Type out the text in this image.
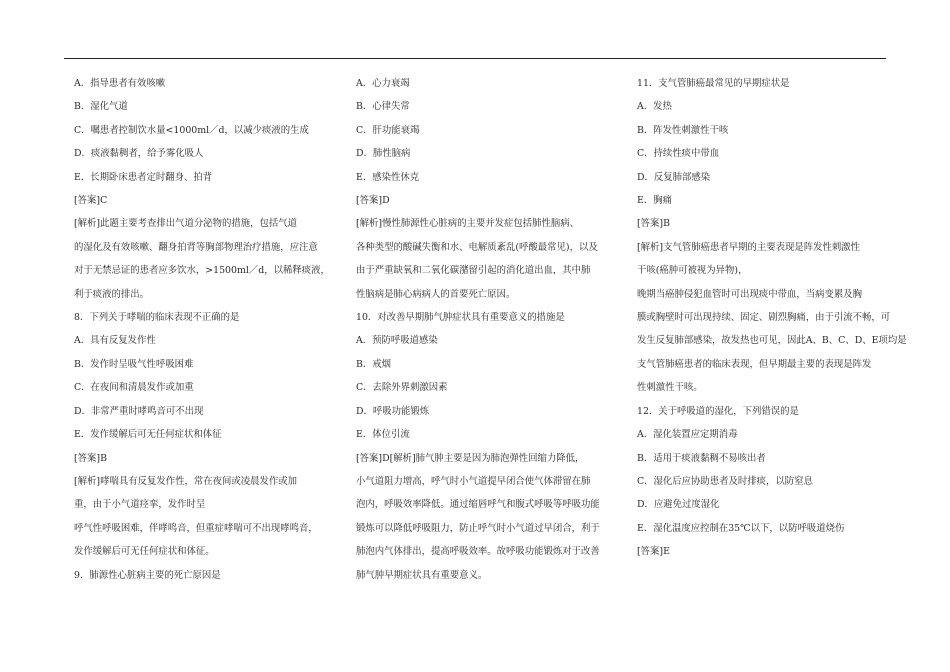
A．指导患者有效咳嗽
B．湿化气道
C．嘱患者控制饮水量<1000ml／d，以减少痰液的生成
D．痰液黏稠者，给予雾化吸人
E．长期卧床患者定时翻身、拍背
[答案]C
[解析]此题主要考查排出气道分泌物的措施，包括气道
的湿化及有效咳嗽、翻身拍背等胸部物理治疗措施，应注意
对于无禁忌证的患者应多饮水，>1500ml／d，以稀释痰液，
利于痰液的排出。
8．下列关于哮喘的临床表现不正确的是
A．具有反复发作性
B．发作时呈吸气性呼吸困难
C．在夜间和清晨发作或加重
D．非常严重时哮鸣音可不出现
E．发作缓解后可无任何症状和体征
[答案]B
[解析]哮喘具有反复发作性，常在夜间或凌晨发作或加
重，由于小气道痉挛，发作时呈
呼气性呼吸困难，伴哮鸣音，但重症哮喘可不出现哮鸣音，
发作缓解后可无任何症状和体征。
9．肺源性心脏病主要的死亡原因是
A．心力衰竭
B．心律失常
C．肝功能衰竭
D．肺性脑病
E．感染性休克
[答案]D
[解析]慢性肺源性心脏病的主要并发症包括肺性脑病、
各种类型的酸碱失衡和水、电解质紊乱(呼酸最常见)，以及
由于严重缺氧和二氧化碳潴留引起的消化道出血，其中肺
性脑病是肺心病病人的首要死亡原因。
10．对改善早期肺气肿症状具有重要意义的措施是
A．预防呼吸道感染
B．戒烟
C．去除外界刺激因素
D．呼吸功能锻炼
E．体位引流
[答案]D[解析]肺气肿主要是因为肺泡弹性回缩力降低，
小气道阻力增高，呼气时小气道提早闭合使气体滞留在肺
泡内，呼吸效率降低。通过缩唇呼气和腹式呼吸等呼吸功能
锻炼可以降低呼吸阻力，防止呼气时小气道过早闭合，利于
肺泡内气体排出，提高呼吸效率。故呼吸功能锻炼对于改善
肺气肿早期症状具有重要意义。
11．支气管肺癌最常见的早期症状是
A．发热
B．阵发性刺激性干咳
C．持续性痰中带血
D．反复肺部感染
E．胸痛
[答案]B
[解析]支气管肺癌患者早期的主要表现是阵发性刺激性
干咳(癌肿可被视为异物)，
晚期当癌肿侵犯血管时可出现痰中带血，当病变累及胸
膜或胸壁时可出现持续、固定、剧烈胸痛，由于引流不畅，可
发生反复肺部感染，故发热也可见，因此A、B、C、D、E项均是
支气管肺癌患者的临床表现，但早期最主要的表现是阵发
性刺激性干咳。
12．关于呼吸道的湿化，下列错误的是
A．湿化装置应定期消毒
B．适用于痰液黏稠不易咳出者
C．湿化后应协助患者及时排痰，以防窒息
D．应避免过度湿化
E．湿化温度应控制在35℃以下，以防呼吸道烧伤
[答案]E
